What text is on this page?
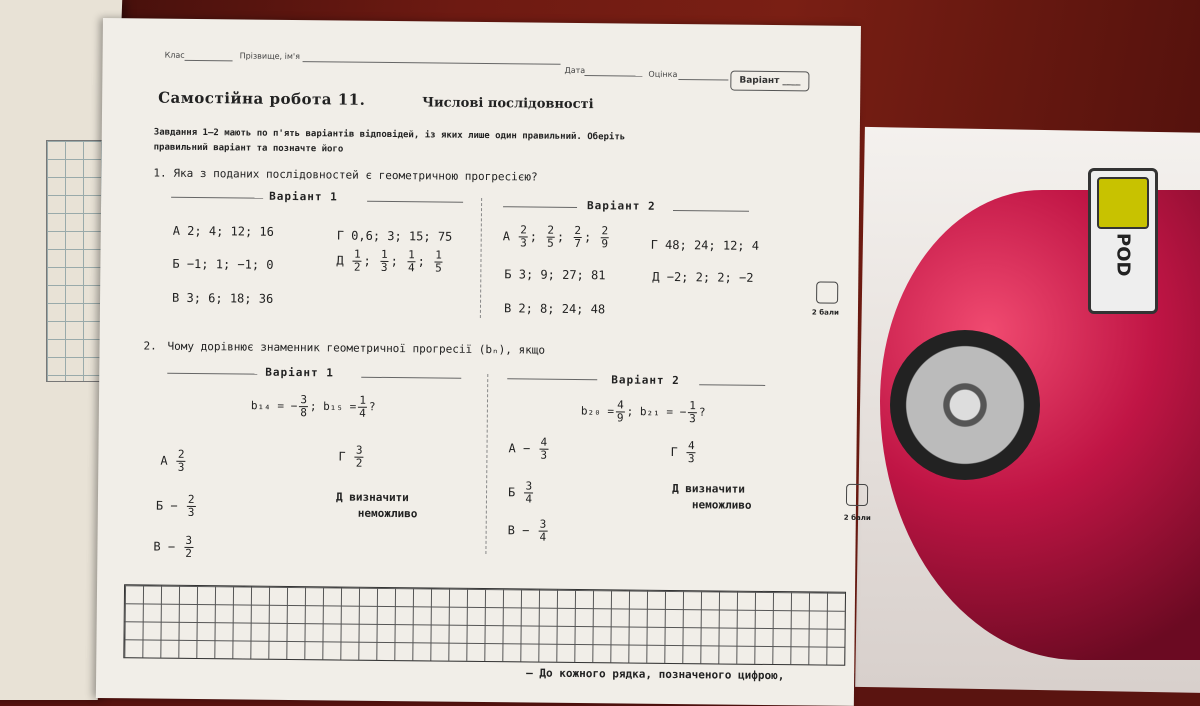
POD
Клас	Прізвище, ім'я
Дата	Оцінка
Варіант ____
Самостійна робота 11.	Числові послідовності
Завдання 1–2 мають по п'ять варіантів відповідей, із яких лише один правильний. Оберіть
правильний варіант та позначте його
1. Яка з поданих послідовностей є геометричною прогресією?
Варіант 1
Варіант 2
А 2; 4; 12; 16
Б −1; 1; −1; 0
В 3; 6; 18; 36
Г 0,6; 3; 15; 75
Д $\frac{1}{2}$ ; $\frac{1}{3}$ ; $\frac{1}{4}$ ; $\frac{1}{5}$
А $\frac{2}{3}$ ; $\frac{2}{5}$ ; $\frac{2}{7}$ ; $\frac{2}{9}$
Б 3; 9; 27; 81
В 2; 8; 24; 48
Г 48; 24; 12; 4
Д −2; 2; 2; −2
2 бали
2. Чому дорівнює знаменник геометричної прогресії (bₙ), якщо
Варіант 1
Варіант 2
b₁₄ = − $\frac{3}{8}$ ; $b_{15} = \frac{1}{4}$ ?	$b_{20} = \frac{4}{9}$ ; b₂₁ = − $\frac{1}{3}$ ?
А $\frac{2}{3}$
$Б - \frac{2}{3}$
$В - \frac{3}{2}$
Г $\frac{3}{2}$
Д визначити
неможливо
$А - \frac{4}{3}$
Б $\frac{3}{4}$
$В - \frac{3}{4}$
Г $\frac{4}{3}$
Д визначити
неможливо
2 бали
— До кожного рядка, позначеного цифрою,
